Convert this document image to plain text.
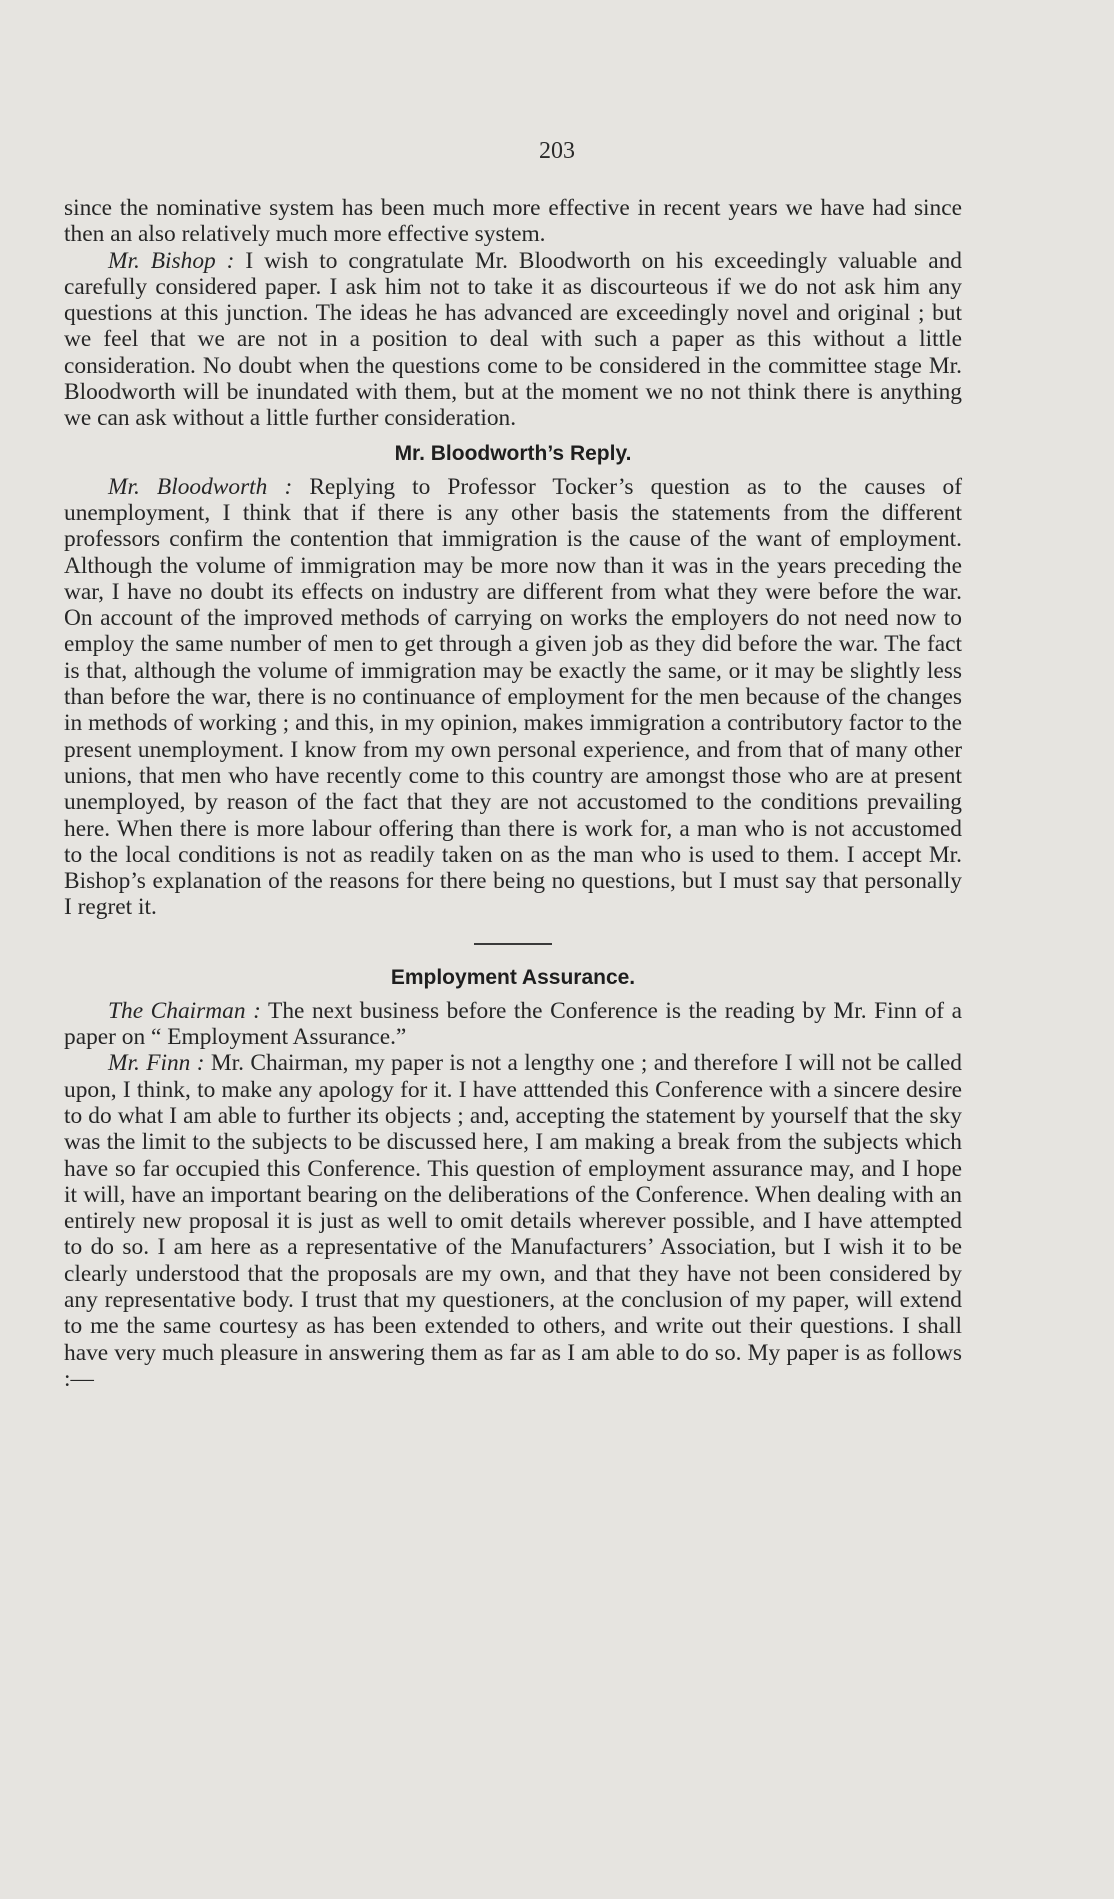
203

since the nominative system has been much more effective in recent years we have had since then an also relatively much more effective system.

Mr. Bishop : I wish to congratulate Mr. Bloodworth on his exceedingly valuable and carefully considered paper. I ask him not to take it as discourteous if we do not ask him any questions at this junction. The ideas he has advanced are exceedingly novel and original ; but we feel that we are not in a position to deal with such a paper as this without a little consideration. No doubt when the questions come to be considered in the committee stage Mr. Bloodworth will be inundated with them, but at the moment we no not think there is anything we can ask without a little further consideration.

Mr. Bloodworth’s Reply.

Mr. Bloodworth : Replying to Professor Tocker’s question as to the causes of unemployment, I think that if there is any other basis the statements from the different professors confirm the contention that immigration is the cause of the want of employment. Although the volume of immigration may be more now than it was in the years preceding the war, I have no doubt its effects on industry are different from what they were before the war. On account of the improved methods of carrying on works the employers do not need now to employ the same number of men to get through a given job as they did before the war. The fact is that, although the volume of immigration may be exactly the same, or it may be slightly less than before the war, there is no continuance of employment for the men because of the changes in methods of working ; and this, in my opinion, makes immigration a contributory factor to the present unemployment. I know from my own personal experience, and from that of many other unions, that men who have recently come to this country are amongst those who are at present unemployed, by reason of the fact that they are not accustomed to the conditions prevailing here. When there is more labour offering than there is work for, a man who is not accustomed to the local conditions is not as readily taken on as the man who is used to them. I accept Mr. Bishop’s explanation of the reasons for there being no questions, but I must say that personally I regret it.

Employment Assurance.

The Chairman : The next business before the Conference is the reading by Mr. Finn of a paper on “ Employment Assurance.”

Mr. Finn : Mr. Chairman, my paper is not a lengthy one ; and therefore I will not be called upon, I think, to make any apology for it. I have atttended this Conference with a sincere desire to do what I am able to further its objects ; and, accepting the statement by yourself that the sky was the limit to the subjects to be discussed here, I am making a break from the subjects which have so far occupied this Conference. This question of employment assurance may, and I hope it will, have an important bearing on the deliberations of the Conference. When dealing with an entirely new proposal it is just as well to omit details wherever possible, and I have attempted to do so. I am here as a representative of the Manufacturers’ Association, but I wish it to be clearly understood that the proposals are my own, and that they have not been considered by any representative body. I trust that my questioners, at the conclusion of my paper, will extend to me the same courtesy as has been extended to others, and write out their questions. I shall have very much pleasure in answering them as far as I am able to do so. My paper is as follows :—
